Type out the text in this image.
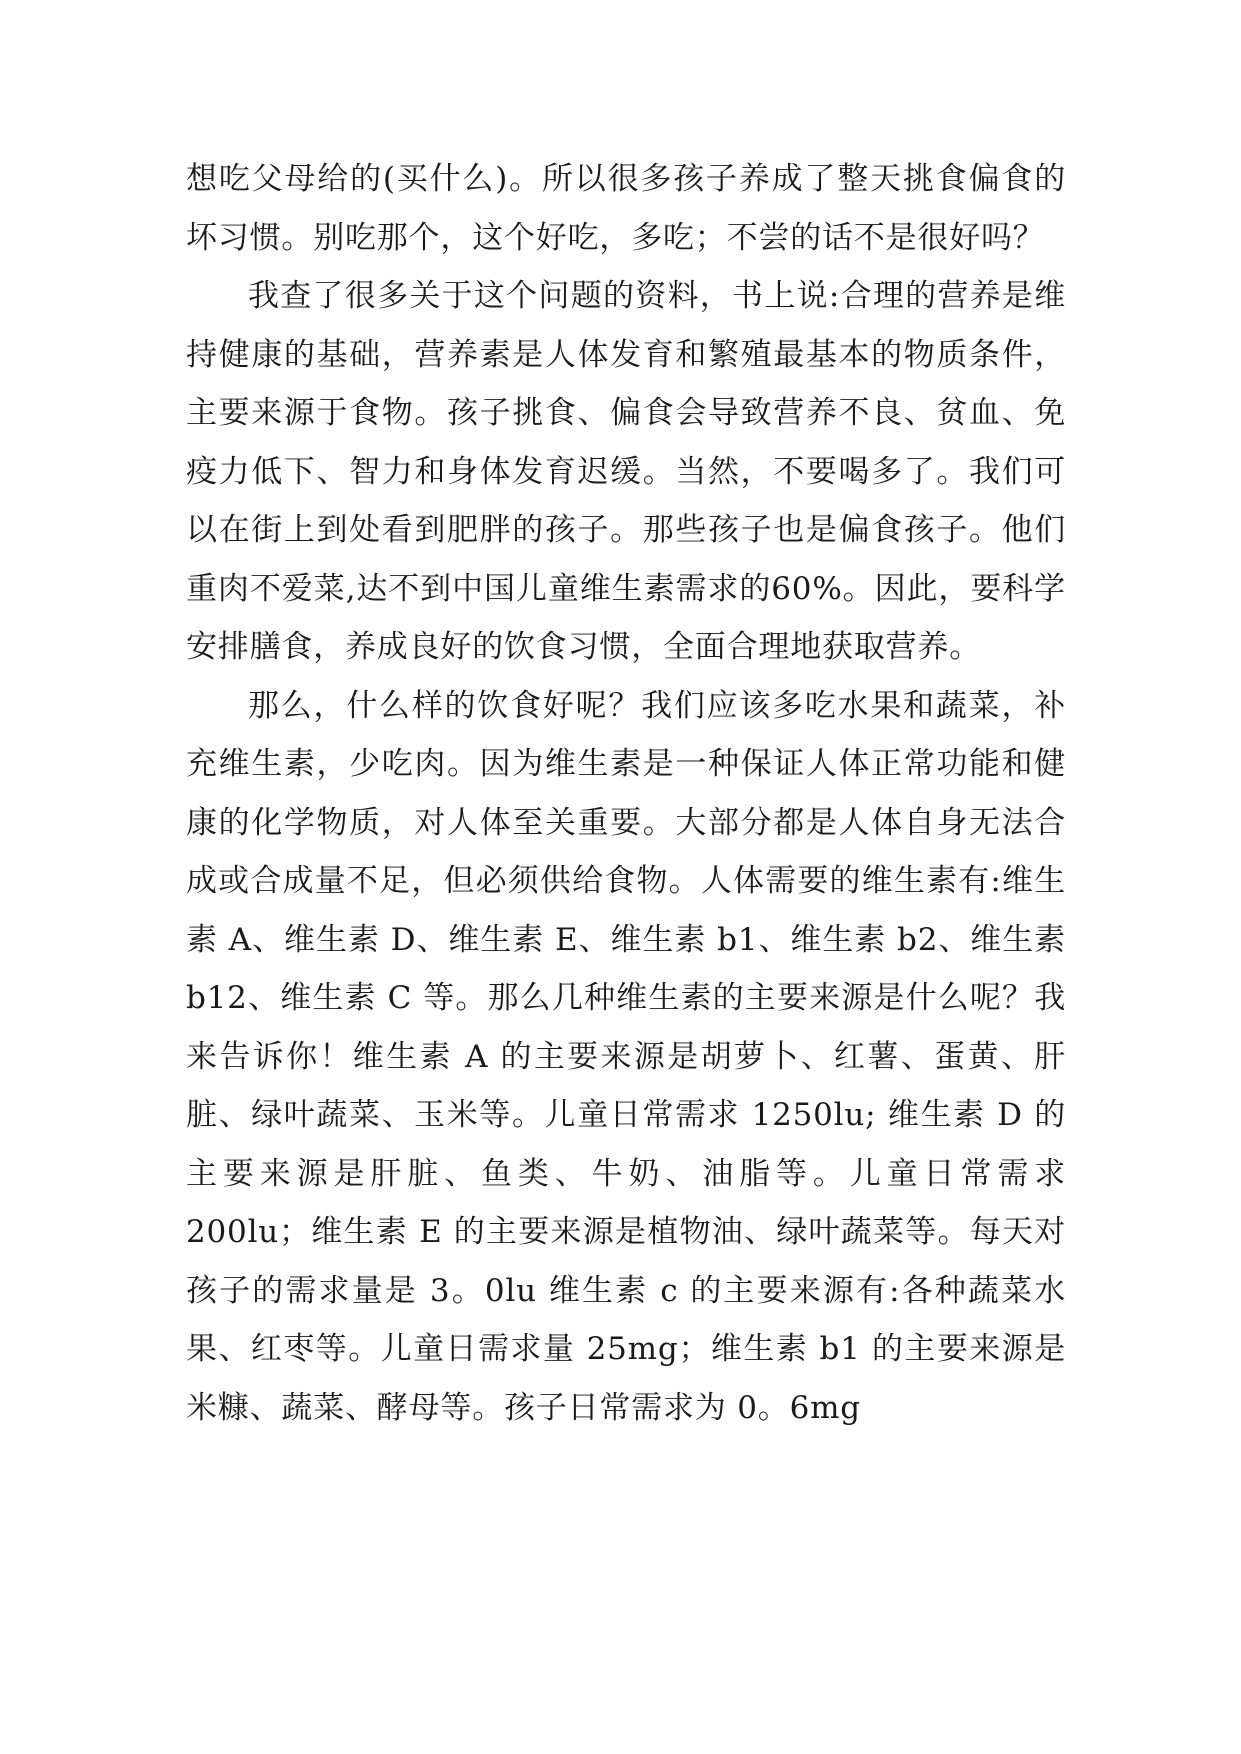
想吃父母给的(买什么)。所以很多孩子养成了整天挑食偏食的坏习惯。别吃那个，这个好吃，多吃；不尝的话不是很好吗？

我查了很多关于这个问题的资料，书上说:合理的营养是维持健康的基础，营养素是人体发育和繁殖最基本的物质条件，主要来源于食物。孩子挑食、偏食会导致营养不良、贫血、免疫力低下、智力和身体发育迟缓。当然，不要喝多了。我们可以在街上到处看到肥胖的孩子。那些孩子也是偏食孩子。他们重肉不爱菜,达不到中国儿童维生素需求的60%。因此，要科学安排膳食，养成良好的饮食习惯，全面合理地获取营养。

那么，什么样的饮食好呢？我们应该多吃水果和蔬菜，补充维生素，少吃肉。因为维生素是一种保证人体正常功能和健康的化学物质，对人体至关重要。大部分都是人体自身无法合成或合成量不足，但必须供给食物。人体需要的维生素有:维生素 A、维生素 D、维生素 E、维生素 b1、维生素 b2、维生素 b12、维生素 C 等。那么几种维生素的主要来源是什么呢？我来告诉你！维生素 A 的主要来源是胡萝卜、红薯、蛋黄、肝脏、绿叶蔬菜、玉米等。儿童日常需求 1250lu; 维生素 D 的主要来源是肝脏、鱼类、牛奶、油脂等。儿童日常需求 200lu；维生素 E 的主要来源是植物油、绿叶蔬菜等。每天对孩子的需求量是 3。0lu 维生素 c 的主要来源有:各种蔬菜水果、红枣等。儿童日需求量 25mg；维生素 b1 的主要来源是米糠、蔬菜、酵母等。孩子日常需求为 0。6mg
